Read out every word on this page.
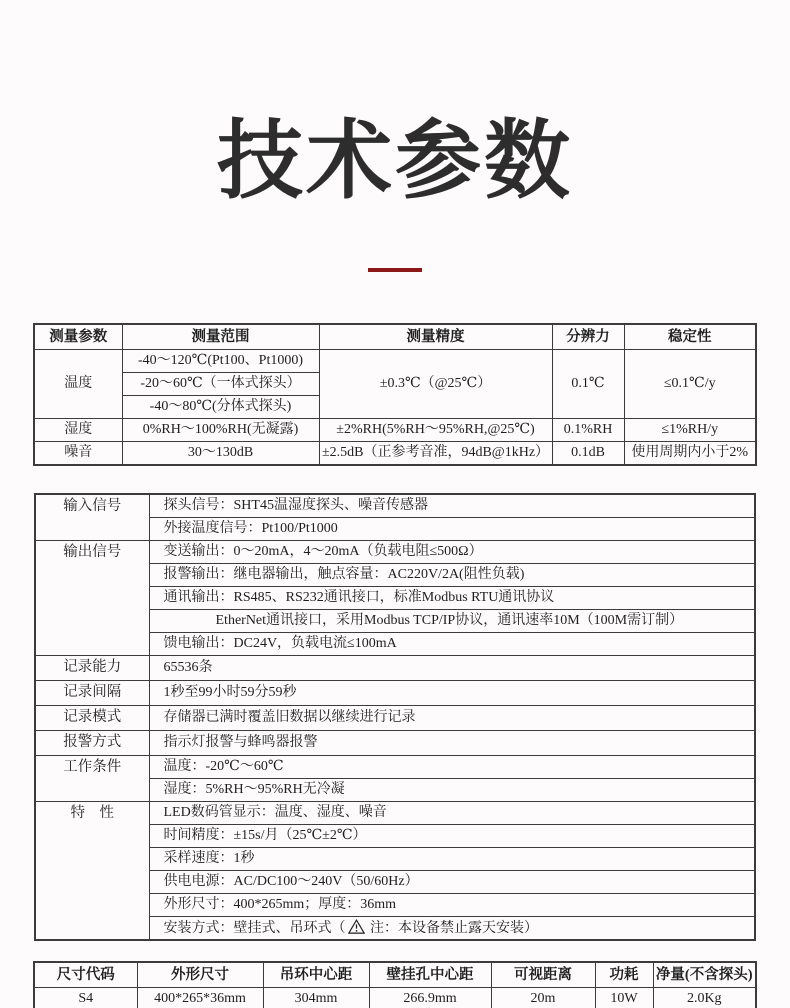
技术参数
测量参数	测量范围	测量精度	分辨力	稳定性
温度	-40～120℃(Pt100、Pt1000)	±0.3℃（@25℃）	0.1℃	≤0.1℃/y
	-20～60℃（一体式探头）			
	-40～80℃(分体式探头)			
湿度	0%RH～100%RH(无凝露)	±2%RH(5%RH～95%RH,@25℃)	0.1%RH	≤1%RH/y
噪音	30～130dB	±2.5dB（正参考音准，94dB@1kHz）	0.1dB	使用周期内小于2%
输入信号	探头信号：SHT45温湿度探头、噪音传感器
	外接温度信号：Pt100/Pt1000
输出信号	变送输出：0～20mA，4～20mA（负载电阻≤500Ω）
	报警输出：继电器输出，触点容量：AC220V/2A(阻性负载)
	通讯输出：RS485、RS232通讯接口，标准Modbus RTU通讯协议
	EtherNet通讯接口，采用Modbus TCP/IP协议，通讯速率10M（100M需订制）
	馈电输出：DC24V，负载电流≤100mA
记录能力	65536条
记录间隔	1秒至99小时59分59秒
记录模式	存储器已满时覆盖旧数据以继续进行记录
报警方式	指示灯报警与蜂鸣器报警
工作条件	温度：-20℃～60℃
	湿度：5%RH～95%RH无冷凝
特　性	LED数码管显示：温度、湿度、噪音
	时间精度：±15s/月（25℃±2℃）
	采样速度：1秒
	供电电源：AC/DC100～240V（50/60Hz）
	外形尺寸：400*265mm；厚度：36mm
	安装方式：壁挂式、吊环式（ 注：本设备禁止露天安装）
尺寸代码	外形尺寸	吊环中心距	壁挂孔中心距	可视距离	功耗	净量(不含探头)
S4	400*265*36mm	304mm	266.9mm	20m	10W	2.0Kg
